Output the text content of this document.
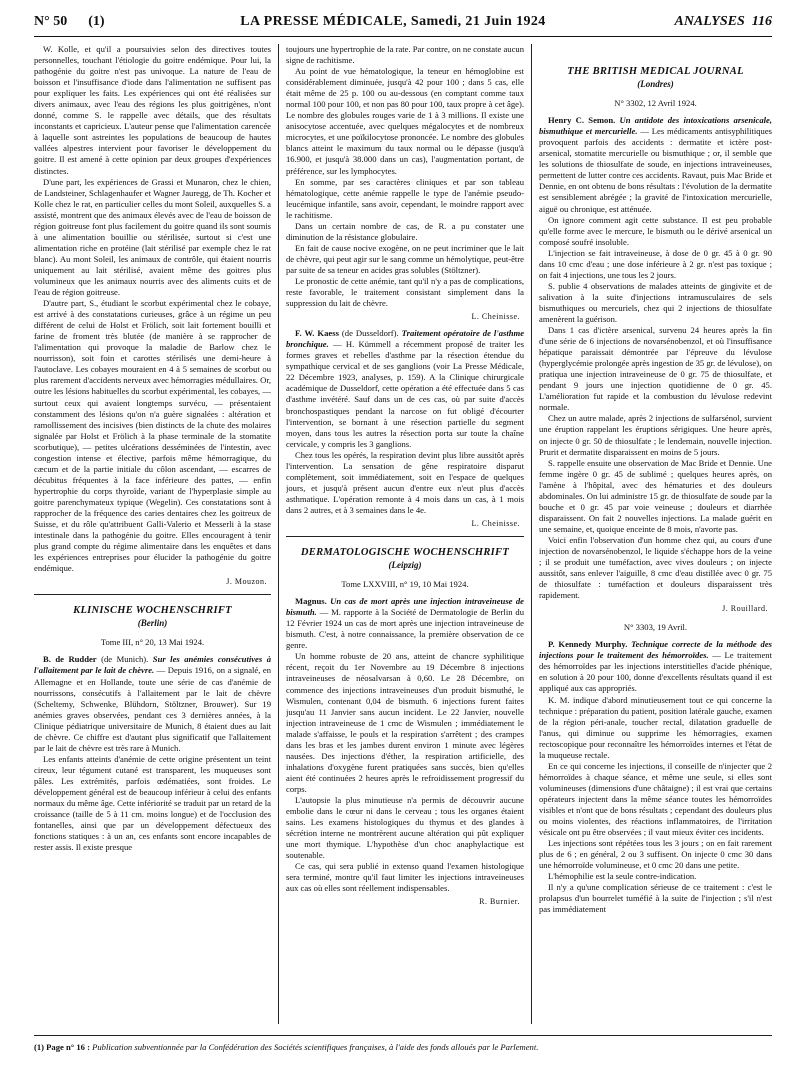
N° 50 (1)	LA PRESSE MÉDICALE, Samedi, 21 Juin 1924	ANALYSES 116

W. Kolle, et qu'il a poursuivies selon des directives toutes personnelles, touchant l'étiologie du goitre endémique. Pour lui, la pathogénie du goitre n'est pas univoque. La nature de l'eau de boisson et l'insuffisance d'iode dans l'alimentation ne suffisent pas pour expliquer les faits. Les expériences qui ont été réalisées sur divers animaux, avec l'eau des régions les plus goitrigènes, n'ont donné, comme S. le rappelle avec détails, que des résultats inconstants et capricieux. L'auteur pense que l'alimentation carencée à laquelle sont astreintes les populations de beaucoup de hautes vallées alpestres intervient pour favoriser le développement du goitre. Il est amené à cette opinion par deux groupes d'expériences distinctes.

D'une part, les expériences de Grassi et Munaron, chez le chien, de Landsteiner, Schlagenhaufer et Wagner Jauregg, de Th. Kocher et Kolle chez le rat, en particulier celles du mont Soleil, auxquelles S. a assisté, montrent que des animaux élevés avec de l'eau de boisson de région goitreuse font plus facilement du goitre quand ils sont soumis à une alimentation bouillie ou stérilisée, surtout si c'est une alimentation riche en protéine (lait stérilisé par exemple chez le rat blanc). Au mont Soleil, les animaux de contrôle, qui étaient nourris uniquement au lait stérilisé, avaient même des goitres plus volumineux que les animaux nourris avec des aliments cuits et de l'eau de région goitreuse.

D'autre part, S., étudiant le scorbut expérimental chez le cobaye, est arrivé à des constatations curieuses, grâce à un régime un peu différent de celui de Holst et Frölich, soit lait fortement bouilli et farine de froment très blutée (de manière à se rapprocher de l'alimentation qui provoque la maladie de Barlow chez le nourrisson), soit foin et carottes stérilisés une demi-heure à l'autoclave. Les cobayes mouraient en 4 à 5 semaines de scorbut ou plus rarement d'accidents nerveux avec hémorragies médullaires. Or, outre les lésions habituelles du scorbut expérimental, les cobayes, — surtout ceux qui avaient longtemps survécu, — présentaient constamment des lésions qu'on n'a guère signalées : altération et ramollissement des incisives (bien distincts de la chute des molaires signalée par Holst et Frölich à la phase terminale de la stomatite scorbutique), — petites ulcérations desséminées de l'intestin, avec congestion intense et élective, parfois même hémorragique, du cæcum et de la partie initiale du côlon ascendant, — escarres de décubitus fréquentes à la face inférieure des pattes, — enfin hypertrophie du corps thyroïde, variant de l'hyperplasie simple au goitre parenchymateux typique (Wegelin). Ces constatations sont à rapprocher de la fréquence des caries dentaires chez les goitreux de Suisse, et du rôle qu'attribuent Galli-Valerio et Messerli à la stase intestinale dans la pathogénie du goitre. Elles encouragent à tenir plus grand compte du régime alimentaire dans les enquêtes et dans les expériences entreprises pour élucider la pathogénie du goitre endémique.

J. Mouzon.
KLINISCHE WOCHENSCHRIFT
(Berlin)
Tome III, n° 20, 13 Mai 1924.

B. de Rudder (de Munich). Sur les anémies consécutives à l'allaitement par le lait de chèvre. — Depuis 1916, on a signalé, en Allemagne et en Hollande, toute une série de cas d'anémie de nourrissons, consécutifs à l'allaitement par le lait de chèvre (Scheltemy, Schwenke, Blühdorn, Stöltzner, Brouwer). Sur 19 anémies graves observées, pendant ces 3 dernières années, à la Clinique pédiatrique universitaire de Munich, 8 étaient dues au lait de chèvre. Ce chiffre est d'autant plus significatif que l'allaitement par le lait de chèvre est très rare à Munich.

Les enfants atteints d'anémie de cette origine présentent un teint cireux, leur tégument cutané est transparent, les muqueuses sont pâles. Les extrémités, parfois œdématiées, sont froides. Le développement général est de beaucoup inférieur à celui des enfants normaux du même âge. Cette infériorité se traduit par un retard de la croissance (taille de 5 à 11 cm. moins longue) et de l'occlusion des fontanelles, ainsi que par un développement défectueux des fonctions statiques : à un an, ces enfants sont encore incapables de rester assis. Il existe presque

toujours une hypertrophie de la rate. Par contre, on ne constate aucun signe de rachitisme.

Au point de vue hématologique, la teneur en hémoglobine est considérablement diminuée, jusqu'à 42 pour 100 ; dans 5 cas, elle était même de 25 p. 100 ou au-dessous (en comptant comme taux normal 100 pour 100, et non pas 80 pour 100, taux propre à cet âge). Le nombre des globules rouges varie de 1 à 3 millions. Il existe une anisocytose accentuée, avec quelques mégalocytes et de nombreux microcytes, et une poïkilocytose prononcée. Le nombre des globules blancs atteint le maximum du taux normal ou le dépasse (jusqu'à 16.900, et jusqu'à 38.000 dans un cas), l'augmentation portant, de préférence, sur les lymphocytes.

En somme, par ses caractères cliniques et par son tableau hématologique, cette anémie rappelle le type de l'anémie pseudo-leucémique infantile, sans avoir, cependant, le moindre rapport avec le rachitisme.

Dans un certain nombre de cas, de R. a pu constater une diminution de la résistance globulaire.

En fait de cause nocive exogène, on ne peut incriminer que le lait de chèvre, qui peut agir sur le sang comme un hémolytique, peut-être par suite de sa teneur en acides gras solubles (Stöltzner).

Le pronostic de cette anémie, tant qu'il n'y a pas de complications, reste favorable, le traitement consistant simplement dans la suppression du lait de chèvre.

L. Cheinisse.

F. W. Kaess (de Dusseldorf). Traitement opératoire de l'asthme bronchique. — H. Kümmell a récemment proposé de traiter les formes graves et rebelles d'asthme par la résection étendue du sympathique cervical et de ses ganglions (voir La Presse Médicale, 22 Décembre 1923, analyses, p. 159). A la Clinique chirurgicale académique de Dusseldorf, cette opération a été effectuée dans 5 cas d'asthme invétéré. Sauf dans un de ces cas, où par suite d'accès bronchospastiques pendant la narcose on fut obligé d'écourter l'intervention, se bornant à une résection partielle du segment moyen, dans tous les autres la résection porta sur toute la chaîne cervicale, y compris les 3 ganglions.

Chez tous les opérés, la respiration devint plus libre aussitôt après l'intervention. La sensation de gêne respiratoire disparut complètement, soit immédiatement, soit en l'espace de quelques jours, et jusqu'à présent aucun d'entre eux n'eut plus d'accès asthmatique. L'opération remonte à 4 mois dans un cas, à 1 mois dans 2 autres, et à 3 semaines dans le 4e.

L. Cheinisse.
DERMATOLOGISCHE WOCHENSCHRIFT
(Leipzig)
Tome LXXVIII, n° 19, 10 Mai 1924.

Magnus. Un cas de mort après une injection intraveineuse de bismuth. — M. rapporte à la Société de Dermatologie de Berlin du 12 Février 1924 un cas de mort après une injection intraveineuse de bismuth. C'est, à notre connaissance, la première observation de ce genre.

Un homme robuste de 20 ans, atteint de chancre syphilitique récent, reçoit du 1er Novembre au 19 Décembre 8 injections intraveineuses de néosalvarsan à 0,60. Le 28 Décembre, on commence des injections intraveineuses d'un produit bismuthé, le Wismulen, contenant 0,04 de bismuth. 6 injections furent faites jusqu'au 11 Janvier sans aucun incident. Le 22 Janvier, nouvelle injection intraveineuse de 1 cmc de Wismulen ; immédiatement le malade s'affaisse, le pouls et la respiration s'arrêtent ; des crampes dans les bras et les jambes durent environ 1 minute avec légères nausées. Des injections d'éther, la respiration artificielle, des inhalations d'oxygène furent pratiquées sans succès, bien qu'elles aient été continuées 2 heures après le refroidissement progressif du corps.

L'autopsie la plus minutieuse n'a permis de découvrir aucune embolie dans le cœur ni dans le cerveau ; tous les organes étaient sains. Les examens histologiques du thymus et des glandes à sécrétion interne ne montrèrent aucune altération qui pût expliquer une mort thymique. L'hypothèse d'un choc anaphylactique est soutenable.

Ce cas, qui sera publié in extenso quand l'examen histologique sera terminé, montre qu'il faut limiter les injections intraveineuses aux cas où elles sont réellement indispensables.

R. Burnier.
THE BRITISH MEDICAL JOURNAL
(Londres)
N° 3302, 12 Avril 1924.

Henry C. Semon. Un antidote des intoxications arsenicale, bismuthique et mercurielle. — Les médicaments antisyphilitiques provoquent parfois des accidents : dermatite et ictère post-arsenical, stomatite mercurielle ou bismuthique ; or, il semble que les solutions de thiosulfate de soude, en injections intraveineuses, permettent de lutter contre ces accidents. Ravaut, puis Mac Bride et Dennie, en ont obtenu de bons résultats : l'évolution de la dermatite est sensiblement abrégée ; la gravité de l'intoxication mercurielle, aiguë ou chronique, est atténuée.

On ignore comment agit cette substance. Il est peu probable qu'elle forme avec le mercure, le bismuth ou le dérivé arsenical un composé soufré insoluble.

L'injection se fait intraveineuse, à dose de 0 gr. 45 à 0 gr. 90 dans 10 cmc d'eau ; une dose inférieure à 2 gr. n'est pas toxique ; on fait 4 injections, une tous les 2 jours.

S. publie 4 observations de malades atteints de gingivite et de salivation à la suite d'injections intramusculaires de sels bismuthiques ou mercuriels, chez qui 2 injections de thiosulfate amenèrent la guérison.

Dans 1 cas d'ictère arsenical, survenu 24 heures après la fin d'une série de 6 injections de novarsénobenzol, et où l'insuffisance hépatique paraissait démontrée par l'épreuve du lévulose (hyperglycémie prolongée après ingestion de 35 gr. de lévulose), on pratiqua une injection intraveineuse de 0 gr. 75 de thiosulfate, et pendant 9 jours une injection quotidienne de 0 gr. 45. L'amélioration fut rapide et la combustion du lévulose redevint normale.

Chez un autre malade, après 2 injections de sulfarsénol, survient une éruption rappelant les éruptions sérigiques. Une heure après, on injecte 0 gr. 50 de thiosulfate ; le lendemain, nouvelle injection. Prurit et dermatite disparaissent en moins de 5 jours.

S. rappelle ensuite une observation de Mac Bride et Dennie. Une femme ingère 0 gr. 45 de sublimé ; quelques heures après, on l'amène à l'hôpital, avec des hématuries et des douleurs abdominales. On lui administre 15 gr. de thiosulfate de soude par la bouche et 0 gr. 45 par voie veineuse ; douleurs et diarrhée disparaissent. On fait 2 nouvelles injections. La malade guérit en une semaine, et, quoique enceinte de 8 mois, n'avorte pas.

Voici enfin l'observation d'un homme chez qui, au cours d'une injection de novarsénobenzol, le liquide s'échappe hors de la veine ; il se produit une tuméfaction, avec vives douleurs ; on injecte aussitôt, sans enlever l'aiguille, 8 cmc d'eau distillée avec 0 gr. 75 de thiosulfate : tuméfaction et douleurs disparaissent très rapidement.

J. Rouillard.
N° 3303, 19 Avril.

P. Kennedy Murphy. Technique correcte de la méthode des injections pour le traitement des hémorroïdes. — Le traitement des hémorroïdes par les injections interstitielles d'acide phénique, en solution à 20 pour 100, donne d'excellents résultats quand il est appliqué aux cas appropriés.

K. M. indique d'abord minutieusement tout ce qui concerne la technique : préparation du patient, position latérale gauche, examen de la région péri-anale, toucher rectal, dilatation graduelle de l'anus, qui diminue ou supprime les hémorragies, examen rectoscopique pour reconnaître les hémorroïdes internes et l'état de la muqueuse rectale.

En ce qui concerne les injections, il conseille de n'injecter que 2 hémorroïdes à chaque séance, et même une seule, si elles sont volumineuses (dimensions d'une châtaigne) ; il est vrai que certains opérateurs injectent dans la même séance toutes les hémorroïdes visibles et n'ont que de bons résultats ; cependant des douleurs plus ou moins violentes, des réactions inflammatoires, de l'irritation vésicale ont pu être observées ; il vaut mieux éviter ces incidents.

Les injections sont répétées tous les 3 jours ; on en fait rarement plus de 6 ; en général, 2 ou 3 suffisent. On injecte 0 cmc 30 dans une hémorroïde volumineuse, et 0 cmc 20 dans une petite.

L'hémophilie est la seule contre-indication.

Il n'y a qu'une complication sérieuse de ce traitement : c'est le prolapsus d'un bourrelet tuméfié à la suite de l'injection ; s'il n'est pas immédiatement

(1) Page n° 16 : Publication subventionnée par la Confédération des Sociétés scientifiques françaises, à l'aide des fonds alloués par le Parlement.
